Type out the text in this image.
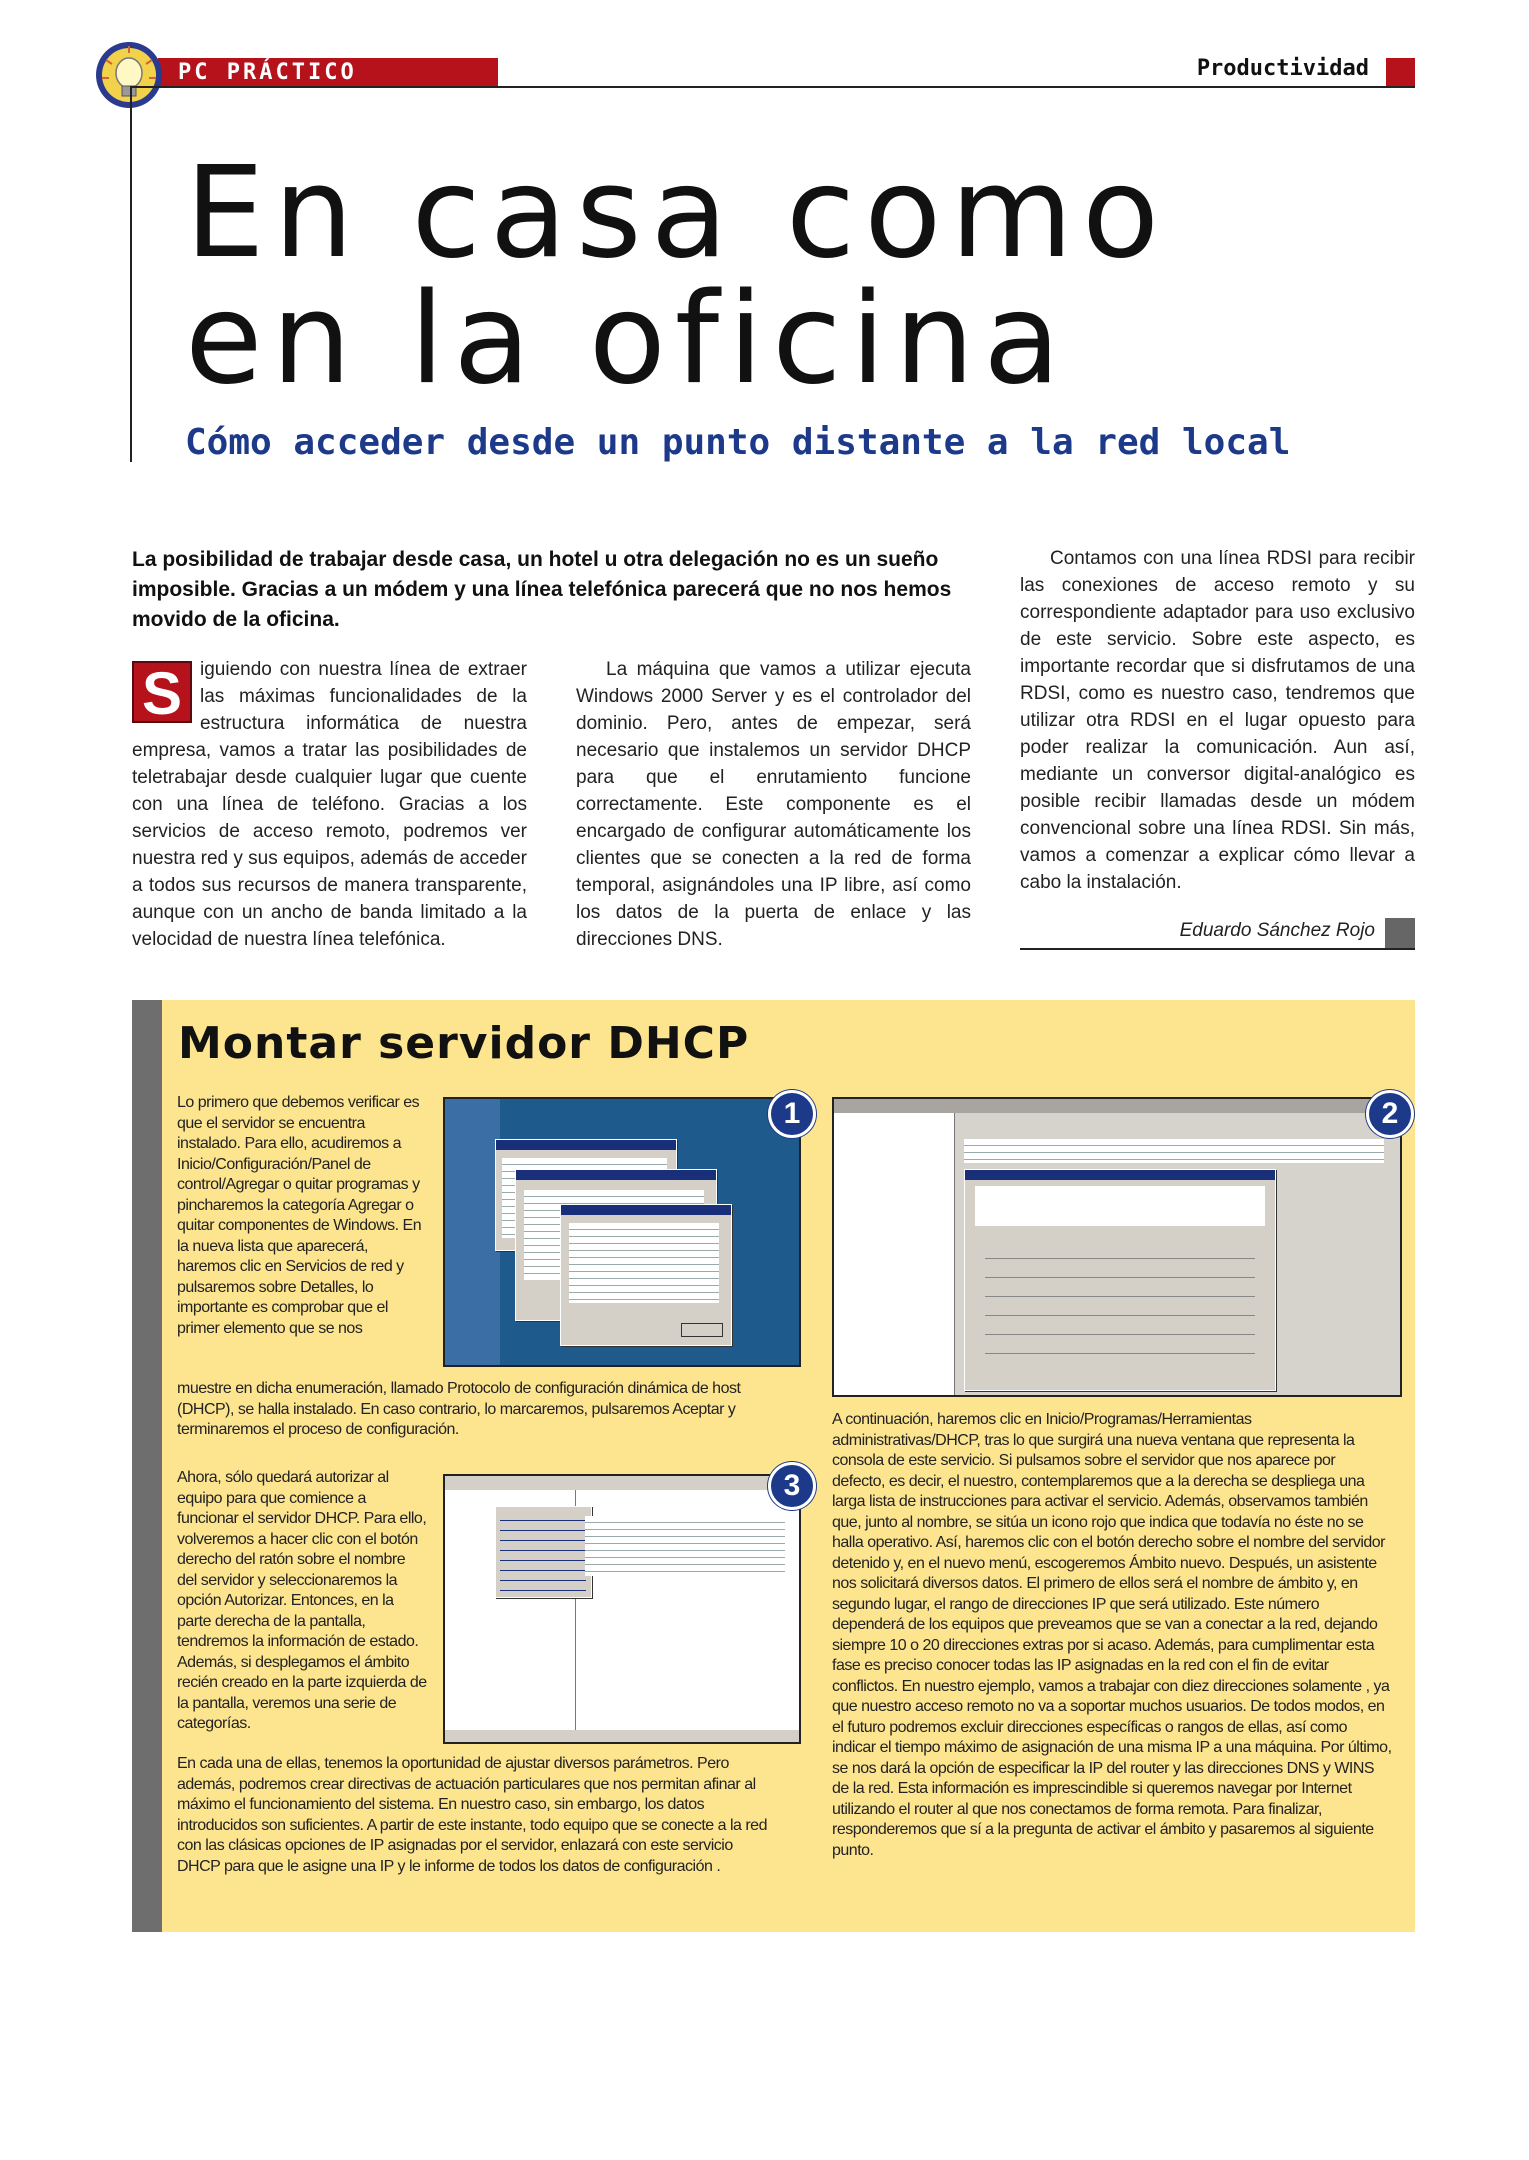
PC PRÁCTICO	Productividad
En casa como
en la oficina
Cómo acceder desde un punto distante a la red local
La posibilidad de trabajar desde casa, un hotel u otra delegación no es un sueño imposible. Gracias a un módem y una línea telefónica parecerá que no nos hemos movido de la oficina.
S iguiendo con nuestra línea de extraer las máximas funcionalidades de la estructura informática de nuestra empresa, vamos a tratar las posibilidades de teletrabajar desde cualquier lugar que cuente con una línea de teléfono. Gracias a los servicios de acceso remoto, podremos ver nuestra red y sus equipos, además de acceder a todos sus recursos de manera transparente, aunque con un ancho de banda limitado a la velocidad de nuestra línea telefónica.
La máquina que vamos a utilizar ejecuta Windows 2000 Server y es el controlador del dominio. Pero, antes de empezar, será necesario que instalemos un servidor DHCP para que el enrutamiento funcione correctamente. Este componente es el encargado de configurar automáticamente los clientes que se conecten a la red de forma temporal, asignándoles una IP libre, así como los datos de la puerta de enlace y las direcciones DNS.
Contamos con una línea RDSI para recibir las conexiones de acceso remoto y su correspondiente adaptador para uso exclusivo de este servicio. Sobre este aspecto, es importante recordar que si disfrutamos de una RDSI, como es nuestro caso, tendremos que utilizar otra RDSI en el lugar opuesto para poder realizar la comunicación. Aun así, mediante un conversor digital-analógico es posible recibir llamadas desde un módem convencional sobre una línea RDSI. Sin más, vamos a comenzar a explicar cómo llevar a cabo la instalación.
Eduardo Sánchez Rojo
Montar servidor DHCP
Lo primero que debemos verificar es que el servidor se encuentra instalado. Para ello, acudiremos a Inicio/Configuración/Panel de control/Agregar o quitar programas y pincharemos la categoría Agregar o quitar componentes de Windows. En la nueva lista que aparecerá, haremos clic en Servicios de red y pulsaremos sobre Detalles, lo importante es comprobar que el primer elemento que se nos
muestre en dicha enumeración, llamado Protocolo de configuración dinámica de host (DHCP), se halla instalado. En caso contrario, lo marcaremos, pulsaremos Aceptar y terminaremos el proceso de configuración.
Ahora, sólo quedará autorizar al equipo para que comience a funcionar el servidor DHCP. Para ello, volveremos a hacer clic con el botón derecho del ratón sobre el nombre del servidor y seleccionaremos la opción Autorizar. Entonces, en la parte derecha de la pantalla, tendremos la información de estado. Además, si desplegamos el ámbito recién creado en la parte izquierda de la pantalla, veremos una serie de categorías.
En cada una de ellas, tenemos la oportunidad de ajustar diversos parámetros. Pero además, podremos crear directivas de actuación particulares que nos permitan afinar al máximo el funcionamiento del sistema. En nuestro caso, sin embargo, los datos introducidos son suficientes. A partir de este instante, todo equipo que se conecte a la red con las clásicas opciones de IP asignadas por el servidor, enlazará con este servicio DHCP para que le asigne una IP y le informe de todos los datos de configuración .
A continuación, haremos clic en Inicio/Programas/Herramientas administrativas/DHCP, tras lo que surgirá una nueva ventana que representa la consola de este servicio. Si pulsamos sobre el servidor que nos aparece por defecto, es decir, el nuestro, contemplaremos que a la derecha se despliega una larga lista de instrucciones para activar el servicio. Además, observamos también que, junto al nombre, se sitúa un icono rojo que indica que todavía no éste no se halla operativo. Así, haremos clic con el botón derecho sobre el nombre del servidor detenido y, en el nuevo menú, escogeremos Ámbito nuevo. Después, un asistente nos solicitará diversos datos. El primero de ellos será el nombre de ámbito y, en segundo lugar, el rango de direcciones IP que será utilizado. Este número dependerá de los equipos que preveamos que se van a conectar a la red, dejando siempre 10 o 20 direcciones extras por si acaso. Además, para cumplimentar esta fase es preciso conocer todas las IP asignadas en la red con el fin de evitar conflictos. En nuestro ejemplo, vamos a trabajar con diez direcciones solamente , ya que nuestro acceso remoto no va a soportar muchos usuarios. De todos modos, en el futuro podremos excluir direcciones específicas o rangos de ellas, así como indicar el tiempo máximo de asignación de una misma IP a una máquina. Por último, se nos dará la opción de especificar la IP del router y las direcciones DNS y WINS de la red. Esta información es imprescindible si queremos navegar por Internet utilizando el router al que nos conectamos de forma remota. Para finalizar, responderemos que sí a la pregunta de activar el ámbito y pasaremos al siguiente punto.
1	2
3
